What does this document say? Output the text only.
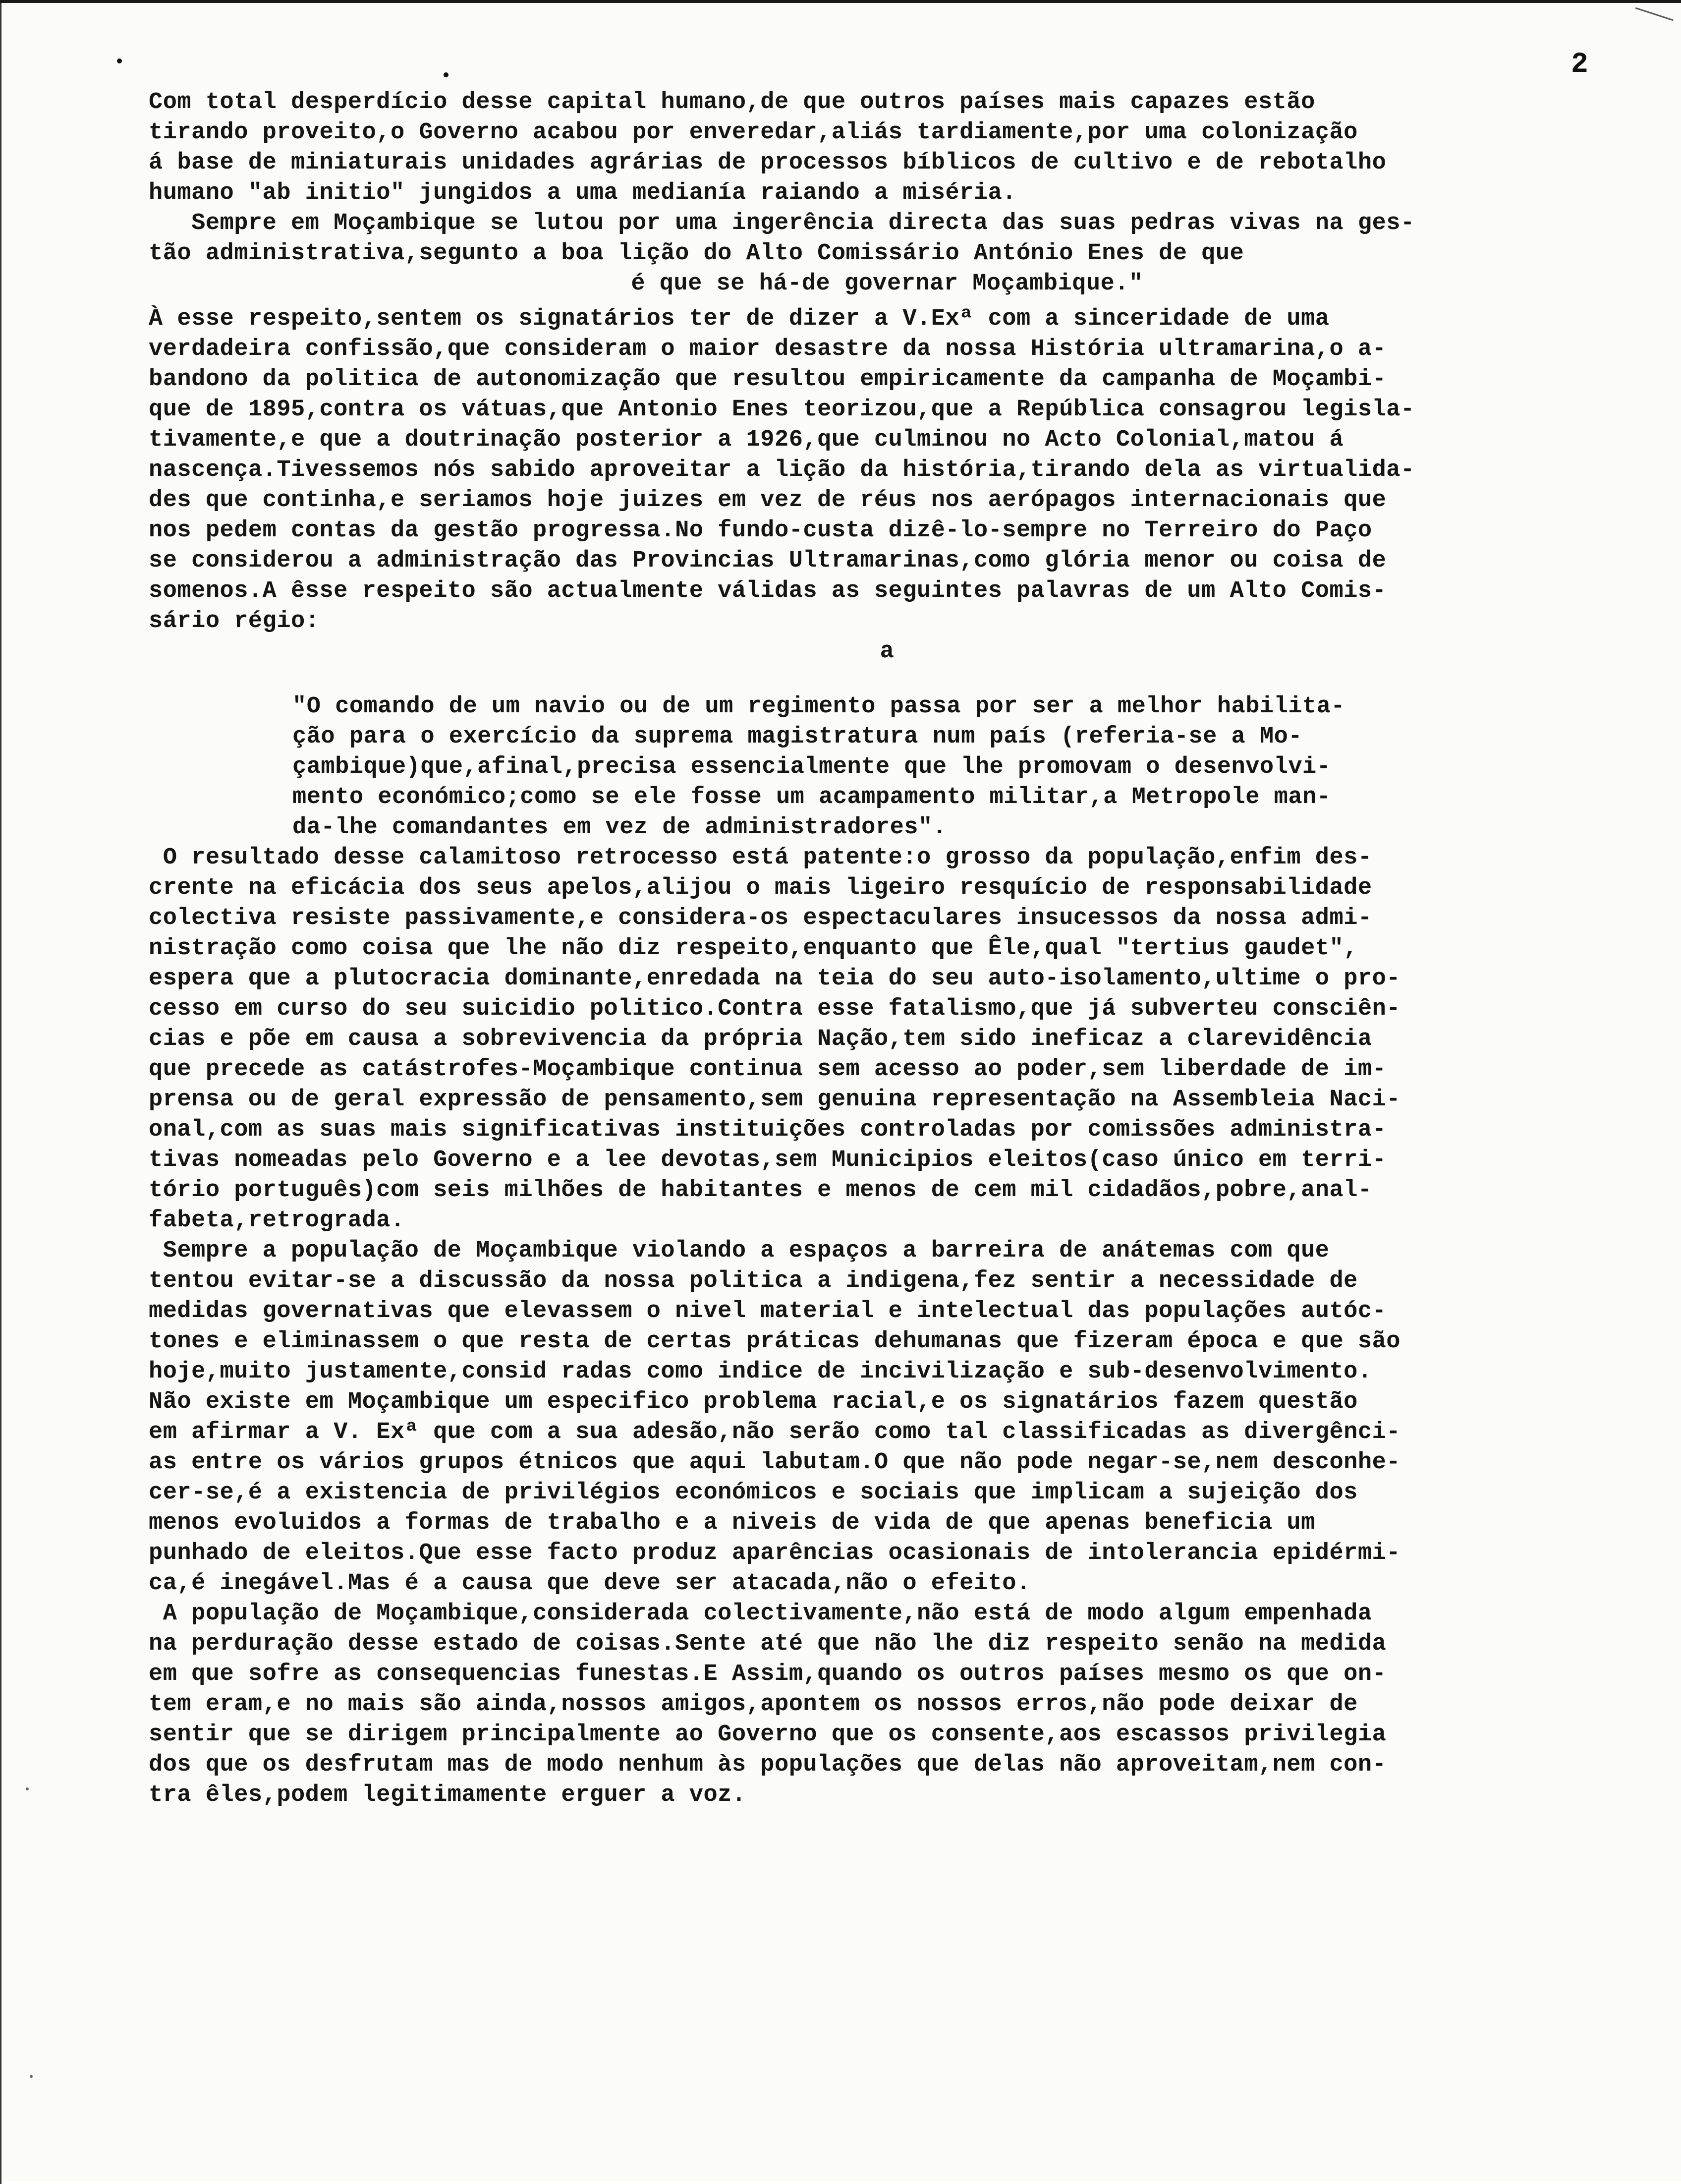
2
Com total desperdício desse capital humano,de que outros países mais capazes estão
tirando proveito,o Governo acabou por enveredar,aliás tardiamente,por uma colonização
á base de miniaturais unidades agrárias de processos bíblicos de cultivo e de rebotalho
humano "ab initio" jungidos a uma medianía raiando a miséria.
Sempre em Moçambique se lutou por uma ingerência directa das suas pedras vivas na ges-
tão administrativa,segunto a boa lição do Alto Comissário António Enes de que
é que se há-de governar Moçambique."
À esse respeito,sentem os signatários ter de dizer a V.Exª com a sinceridade de uma
verdadeira confissão,que consideram o maior desastre da nossa História ultramarina,o a-
bandono da politica de autonomização que resultou empiricamente da campanha de Moçambi-
que de 1895,contra os vátuas,que Antonio Enes teorizou,que a República consagrou legisla-
tivamente,e que a doutrinação posterior a 1926,que culminou no Acto Colonial,matou á
nascença.Tivessemos nós sabido aproveitar a lição da história,tirando dela as virtualida-
des que continha,e seriamos hoje juizes em vez de réus nos aerópagos internacionais que
nos pedem contas da gestão progressa.No fundo-custa dizê-lo-sempre no Terreiro do Paço
se considerou a administração das Provincias Ultramarinas,como glória menor ou coisa de
somenos.A êsse respeito são actualmente válidas as seguintes palavras de um Alto Comis-
sário régio:
a
"O comando de um navio ou de um regimento passa por ser a melhor habilita-
ção para o exercício da suprema magistratura num país (referia-se a Mo-
çambique)que,afinal,precisa essencialmente que lhe promovam o desenvolvi-
mento económico;como se ele fosse um acampamento militar,a Metropole man-
da-lhe comandantes em vez de administradores".
O resultado desse calamitoso retrocesso está patente:o grosso da população,enfim des-
crente na eficácia dos seus apelos,alijou o mais ligeiro resquício de responsabilidade
colectiva resiste passivamente,e considera-os espectaculares insucessos da nossa admi-
nistração como coisa que lhe não diz respeito,enquanto que Êle,qual "tertius gaudet",
espera que a plutocracia dominante,enredada na teia do seu auto-isolamento,ultime o pro-
cesso em curso do seu suicidio politico.Contra esse fatalismo,que já subverteu consciên-
cias e põe em causa a sobrevivencia da própria Nação,tem sido ineficaz a clarevidência
que precede as catástrofes-Moçambique continua sem acesso ao poder,sem liberdade de im-
prensa ou de geral expressão de pensamento,sem genuina representação na Assembleia Naci-
onal,com as suas mais significativas instituições controladas por comissões administra-
tivas nomeadas pelo Governo e a lee devotas,sem Municipios eleitos(caso único em terri-
tório português)com seis milhões de habitantes e menos de cem mil cidadãos,pobre,anal-
fabeta,retrograda.
Sempre a população de Moçambique violando a espaços a barreira de anátemas com que
tentou evitar-se a discussão da nossa politica a indigena,fez sentir a necessidade de
medidas governativas que elevassem o nivel material e intelectual das populações autóc-
tones e eliminassem o que resta de certas práticas dehumanas que fizeram época e que são
hoje,muito justamente,consid radas como indice de incivilização e sub-desenvolvimento.
Não existe em Moçambique um especifico problema racial,e os signatários fazem questão
em afirmar a V. Exª que com a sua adesão,não serão como tal classificadas as divergênci-
as entre os vários grupos étnicos que aqui labutam.O que não pode negar-se,nem desconhe-
cer-se,é a existencia de privilégios económicos e sociais que implicam a sujeição dos
menos evoluidos a formas de trabalho e a niveis de vida de que apenas beneficia um
punhado de eleitos.Que esse facto produz aparências ocasionais de intolerancia epidérmi-
ca,é inegável.Mas é a causa que deve ser atacada,não o efeito.
A população de Moçambique,considerada colectivamente,não está de modo algum empenhada
na perduração desse estado de coisas.Sente até que não lhe diz respeito senão na medida
em que sofre as consequencias funestas.E Assim,quando os outros países mesmo os que on-
tem eram,e no mais são ainda,nossos amigos,apontem os nossos erros,não pode deixar de
sentir que se dirigem principalmente ao Governo que os consente,aos escassos privilegia
dos que os desfrutam mas de modo nenhum às populações que delas não aproveitam,nem con-
tra êles,podem legitimamente erguer a voz.
